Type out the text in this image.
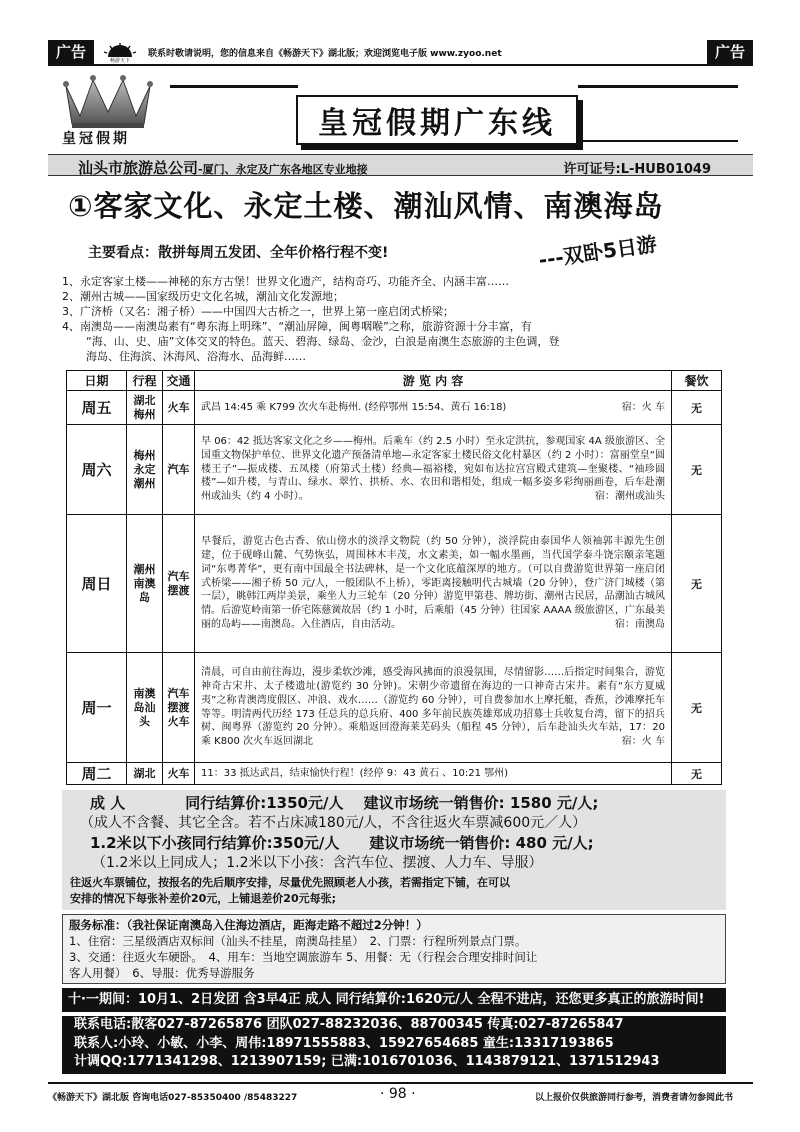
广告	畅游天下
联系时敬请说明，您的信息来自《畅游天下》湖北版；欢迎浏览电子版 www.zyoo.net	广告
皇冠假期	皇冠假期广东线
汕头市旅游总公司-厦门、永定及广东各地区专业地接	许可证号:L-HUB01049
①客家文化、永定土楼、潮汕风情、南澳海岛
主要看点：散拼每周五发团、全年价格行程不变!	---双卧5日游

1、永定客家土楼——神秘的东方古堡！世界文化遗产，结构奇巧、功能齐全、内涵丰富……

2、潮州古城——国家级历史文化名城，潮汕文化发源地；

3、广济桥（又名：湘子桥）——中国四大古桥之一，世界上第一座启闭式桥梁；

4、南澳岛——南澳岛素有“粤东海上明珠”、“潮汕屏障，闽粤咽喉”之称，旅游资源十分丰富，有

“海、山、史、庙”文体交叉的特色。蓝天、碧海、绿岛、金沙，白浪是南澳生态旅游的主色调，登

海岛、住海滨、沐海风、浴海水、品海鲜……

日期	行程	交通	游 览 内 容	餐饮
周五	湖北 梅州	火车	武昌 14:45 乘 K799 次火车赴梅州. (经停鄂州 15:54、黄石 16:18) 宿：火 车	无
周六	梅州 永定 潮州	汽车	早 06：42 抵达客家文化之乡——梅州。后乘车（约 2.5 小时）至永定洪抗，参观国家 4A 级旅游区、全国重文物保护单位、世界文化遗产预备清单地—永定客家土楼民俗文化村暴区（约 2 小时）：富丽堂皇“圆楼王子”—振成楼、五凤楼（府第式土楼）经典—福裕楼，宛如布达拉宫宫殿式建筑—奎聚楼、“袖珍圆楼”—如升楼，与青山、绿水、翠竹、拱桥、水、农田和谐相处，组成一幅多姿多彩绚丽画卷，后车赴潮州或汕头（约 4 小时）。 宿：潮州或汕头	无
周日	潮州 南澳 岛	汽车 摆渡	早餐后，游览古色古香、依山傍水的淡浮文物院（约 50 分钟），淡浮院由泰国华人领袖郭丰源先生创建，位于砚峰山麓、气势恢弘，周围林木丰茂，水文素美，如一幅水墨画，当代国学泰斗饶宗颐亲笔题词“东粤菁华”，更有南中国最全书法碑林，是一个文化底蕴深厚的地方。（可以自费游览世界第一座启闭式桥梁——湘子桥 50 元/人，一般团队不上桥），零距离接触明代古城墙（20 分钟），登广济门城楼（第一层），眺韩江两岸美景，乘坐人力三轮车（20 分钟）游览甲第巷、牌坊街、潮州古民居，品潮汕古城风情。后游览岭南第一侨宅陈慈黉故居（约 1 小时，后乘船（45 分钟）往国家 AAAA 级旅游区，广东最美丽的岛屿——南澳岛。入住酒店，自由活动。 宿：南澳岛	无
周一	南澳 岛汕 头	汽车 摆渡 火车	清晨，可自由前往海边，漫步柔软沙滩，感受海风拂面的浪漫氛围，尽情留影……后指定时间集合，游览神奇古宋井、太子楼遗址(游览约 30 分钟)。宋朝少帝遗留在海边的一口神奇古宋井。素有“东方夏威夷”之称青澳湾度假区、冲浪、戏水……（游览约 60 分钟），可自费参加水上摩托艇，香蕉，沙滩摩托车等等。明清两代历经 173 任总兵的总兵府、400 多年前民族英雄郑成功招募士兵收复台湾，留下的招兵树、闽粤界（游览约 20 分钟）。乘船返回澄海莱芜码头（船程 45 分钟），后车赴汕头火车站，17：20 乘 K800 次火车返回湖北 宿：火 车	无
周二	湖北	火车	11：33 抵达武昌，结束愉快行程！(经停 9：43 黄石 、10:21 鄂州)	无
成 人　　　　同行结算价:1350元/人　 建议市场统一销售价: 1580 元/人;
（成人不含餐、其它全含。若不占床减180元/人，不含往返火车票减600元／人）
1.2米以下小孩同行结算价:350元/人　　建议市场统一销售价: 480 元/人;
（1.2米以上同成人；1.2米以下小孩：含汽车位、摆渡、人力车、导服）
往返火车票铺位，按报名的先后顺序安排，尽量优先照顾老人小孩，若需指定下铺，在可以
安排的情况下每张补差价20元，上铺退差价20元每张;
服务标准：（我社保证南澳岛入住海边酒店，距海走路不超过2分钟！）
1、住宿：三星级酒店双标间（汕头不挂星，南澳岛挂星）　2、门票：行程所列景点门票。
3、交通：往返火车硬卧。　4、用车：当地空调旅游车 5、用餐：无（行程会合理安排时间让
客人用餐）　6、导服：优秀导游服务
十·一期间：10月1、2日发团 含3早4正 成人 同行结算价:1620元/人 全程不进店，还您更多真正的旅游时间!
联系电话:散客027-87265876 团队027-88232036、88700345 传真:027-87265847
联系人:小玲、小敏、小李、周伟:18971555883、15927654685 童生:13317193865
计调QQ:1771341298、1213907159; 已满:1016701036、1143879121、1371512943
《畅游天下》湖北版 咨询电话027-85350400 /85483227	· 98 ·	以上报价仅供旅游同行参考，消费者请勿参阅此书
